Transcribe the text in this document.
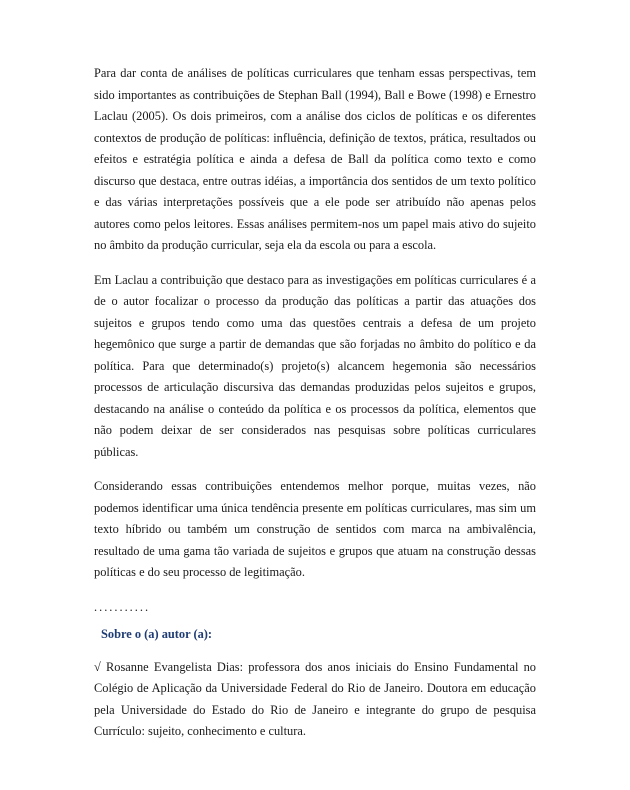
Para dar conta de análises de políticas curriculares que tenham essas perspectivas, tem sido importantes as contribuições de Stephan Ball (1994), Ball e Bowe (1998) e Ernestro Laclau (2005). Os dois primeiros, com a análise dos ciclos de políticas e os diferentes contextos de produção de políticas: influência, definição de textos, prática, resultados ou efeitos e estratégia política e ainda a defesa de Ball da política como texto e como discurso que destaca, entre outras idéias, a importância dos sentidos de um texto político e das várias interpretações possíveis que a ele pode ser atribuído não apenas pelos autores como pelos leitores. Essas análises permitem-nos um papel mais ativo do sujeito no âmbito da produção curricular, seja ela da escola ou para a escola.

Em Laclau a contribuição que destaco para as investigações em políticas curriculares é a de o autor focalizar o processo da produção das políticas a partir das atuações dos sujeitos e grupos tendo como uma das questões centrais a defesa de um projeto hegemônico que surge a partir de demandas que são forjadas no âmbito do político e da política. Para que determinado(s) projeto(s) alcancem hegemonia são necessários processos de articulação discursiva das demandas produzidas pelos sujeitos e grupos, destacando na análise o conteúdo da política e os processos da política, elementos que não podem deixar de ser considerados nas pesquisas sobre políticas curriculares públicas.

Considerando essas contribuições entendemos melhor porque, muitas vezes, não podemos identificar uma única tendência presente em políticas curriculares, mas sim um texto híbrido ou também um construção de sentidos com marca na ambivalência, resultado de uma gama tão variada de sujeitos e grupos que atuam na construção dessas políticas e do seu processo de legitimação.

...........
Sobre o (a) autor (a):

√ Rosanne Evangelista Dias: professora dos anos iniciais do Ensino Fundamental no Colégio de Aplicação da Universidade Federal do Rio de Janeiro. Doutora em educação pela Universidade do Estado do Rio de Janeiro e integrante do grupo de pesquisa Currículo: sujeito, conhecimento e cultura.
